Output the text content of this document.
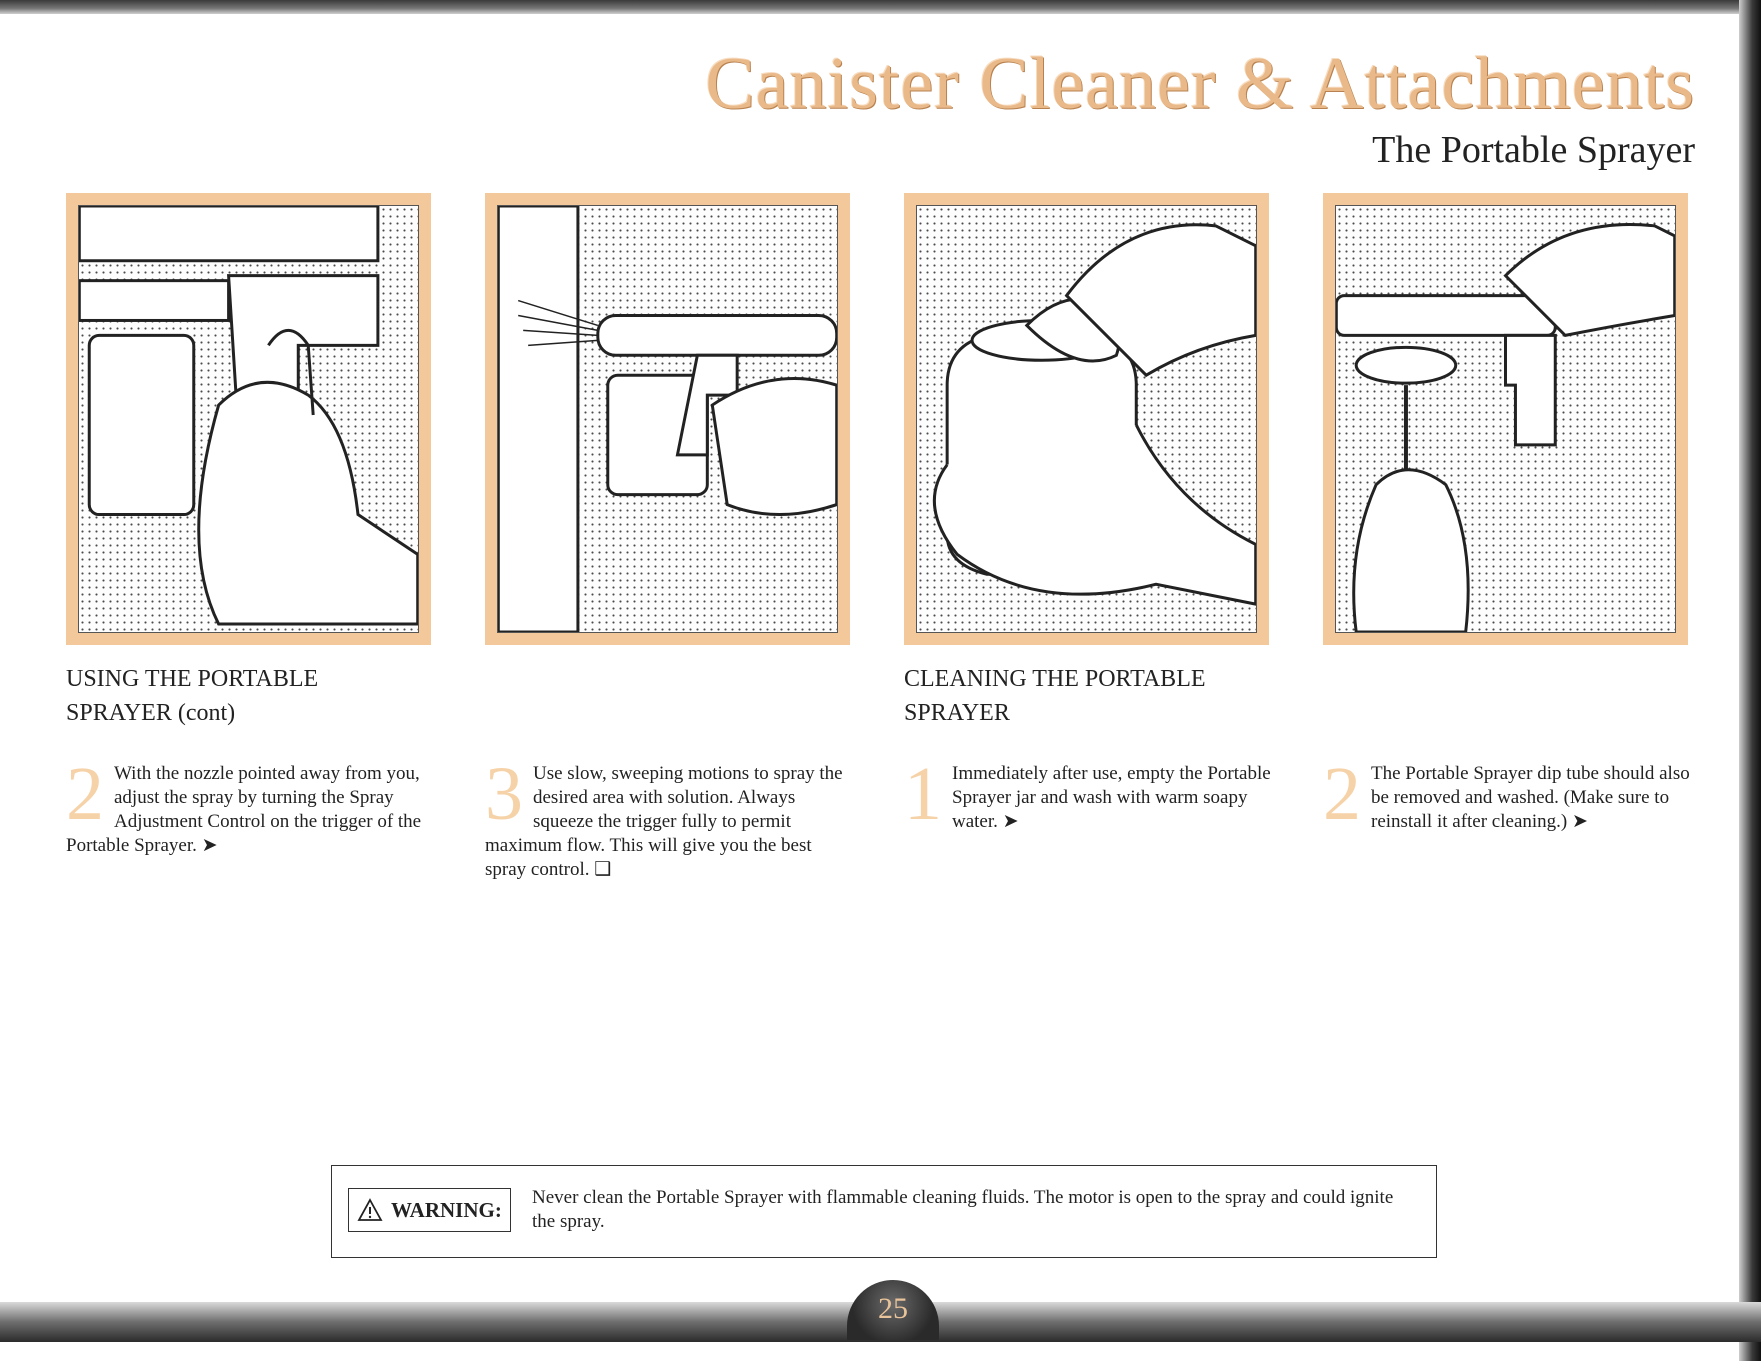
Canister Cleaner & Attachments
The Portable Sprayer
USING THE PORTABLE SPRAYER (cont)
CLEANING THE PORTABLE SPRAYER
2 With the nozzle pointed away from you, adjust the spray by turning the Spray Adjustment Control on the trigger of the Portable Sprayer. ➤
3 Use slow, sweeping motions to spray the desired area with solution. Always squeeze the trigger fully to permit maximum flow. This will give you the best spray control. ❑
1 Immediately after use, empty the Portable Sprayer jar and wash with warm soapy water. ➤	2 The Portable Sprayer dip tube should also be removed and washed. (Make sure to reinstall it after cleaning.) ➤
WARNING: Never clean the Portable Sprayer with flammable cleaning fluids. The motor is open to the spray and could ignite the spray.
25
